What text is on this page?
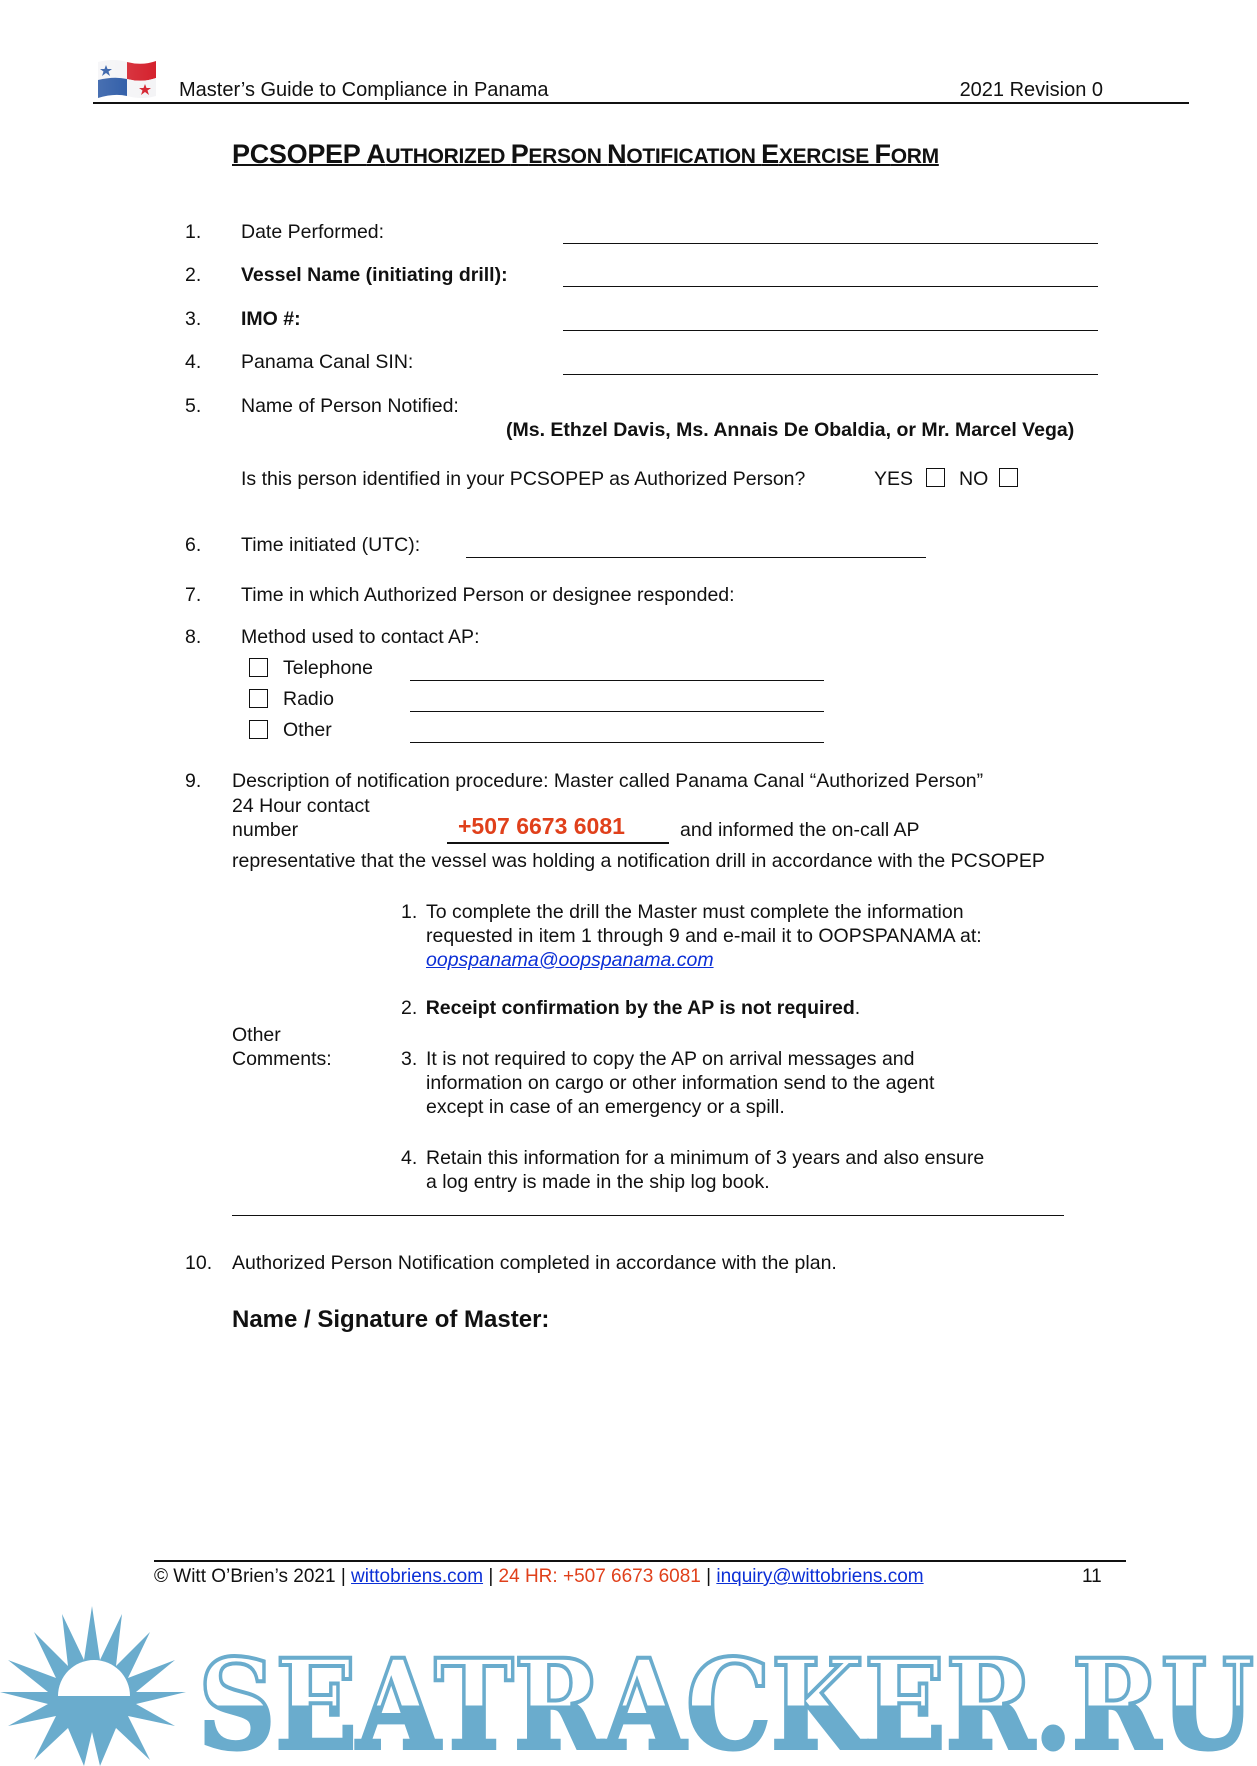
Master’s Guide to Compliance in Panama	2021 Revision 0
PCSOPEP AUTHORIZED PERSON NOTIFICATION EXERCISE FORM
1. Date Performed:
2. Vessel Name (initiating drill):
3. IMO #:
4. Panama Canal SIN:
5. Name of Person Notified:
(Ms. Ethzel Davis, Ms. Annais De Obaldia, or Mr. Marcel Vega)
Is this person identified in your PCSOPEP as Authorized Person?	YES NO
6. Time initiated (UTC):
7. Time in which Authorized Person or designee responded:
8. Method used to contact AP:
Telephone
Radio
Other
9. Description of notification procedure: Master called Panama Canal “Authorized Person”
24 Hour contact
number	+507 6673 6081	and informed the on-call AP
representative that the vessel was holding a notification drill in accordance with the PCSOPEP
Other
Comments:
1. To complete the drill the Master must complete the information
requested in item 1 through 9 and e-mail it to OOPSPANAMA at:
oopspanama@oopspanama.com
2. Receipt confirmation by the AP is not required.
3. It is not required to copy the AP on arrival messages and
information on cargo or other information send to the agent
except in case of an emergency or a spill.
4. Retain this information for a minimum of 3 years and also ensure
a log entry is made in the ship log book.
10. Authorized Person Notification completed in accordance with the plan.
Name / Signature of Master:
© Witt O’Brien’s 2021 | wittobriens.com | 24 HR: +507 6673 6081 | inquiry@wittobriens.com	11
SEATRACKER.RU
